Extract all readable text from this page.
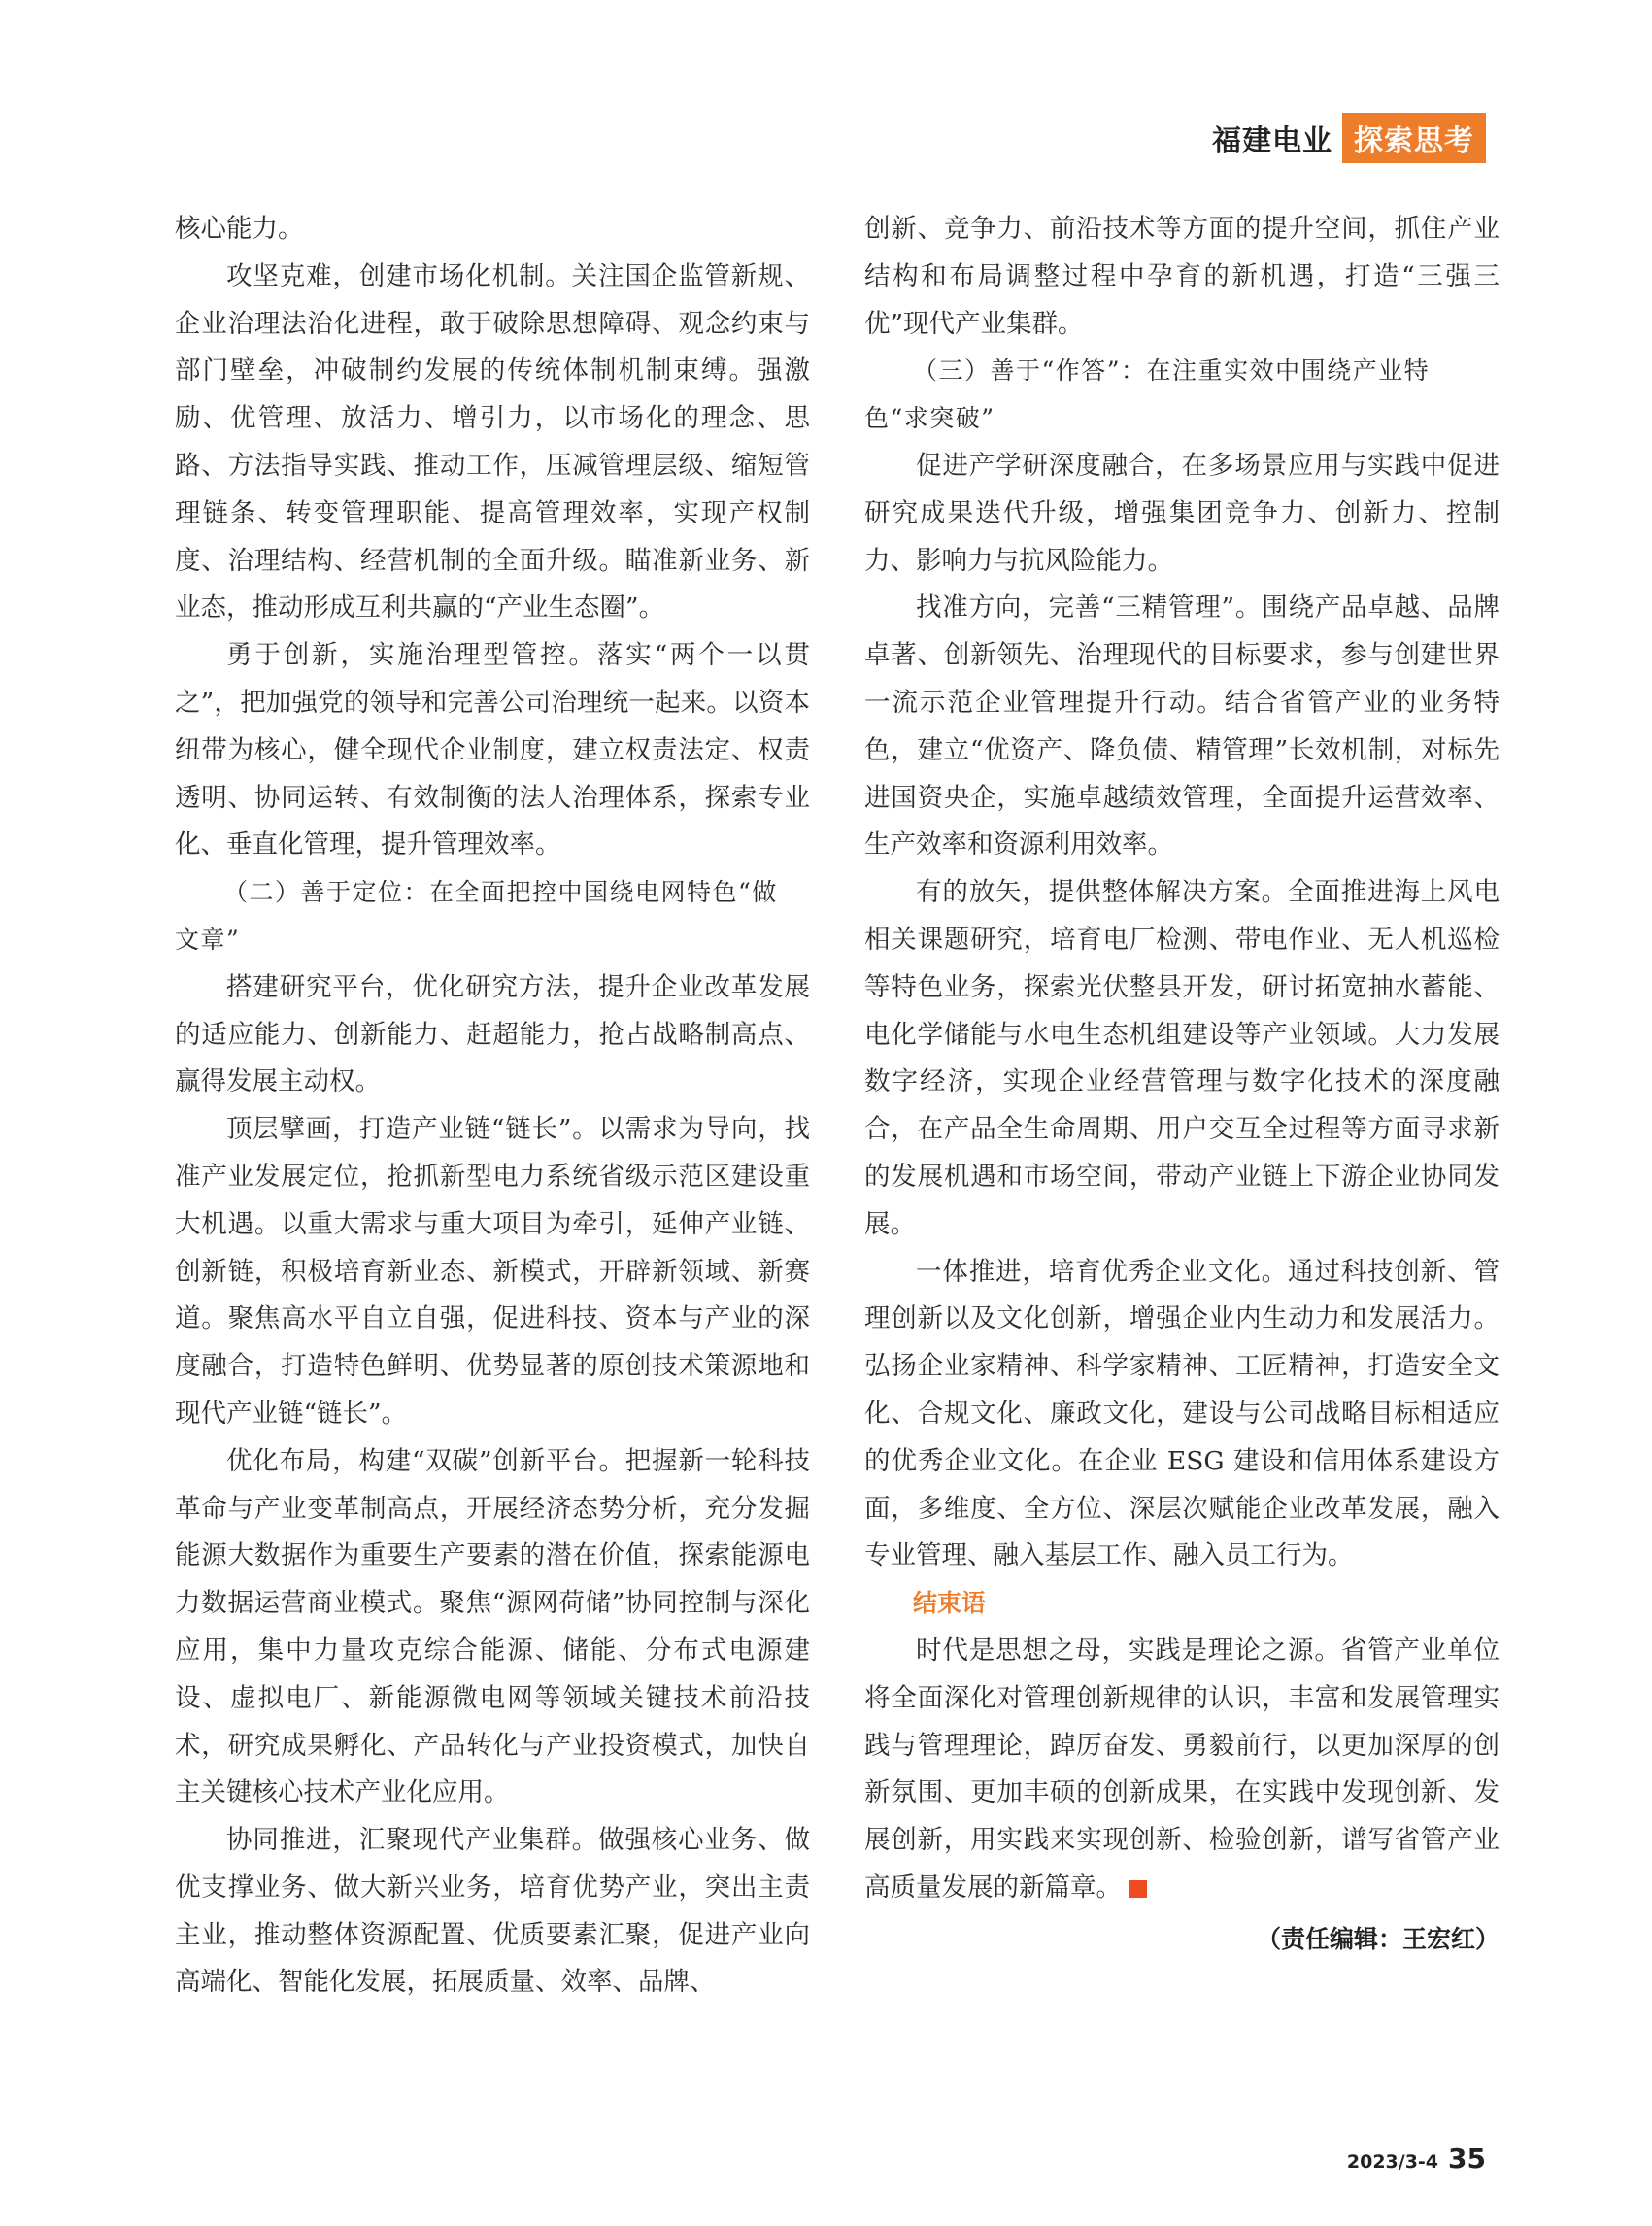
福建电业 探索思考

核心能力。

攻坚克难，创建市场化机制。关注国企监管新规、企业治理法治化进程，敢于破除思想障碍、观念约束与部门壁垒，冲破制约发展的传统体制机制束缚。强激励、优管理、放活力、增引力，以市场化的理念、思路、方法指导实践、推动工作，压减管理层级、缩短管理链条、转变管理职能、提高管理效率，实现产权制度、治理结构、经营机制的全面升级。瞄准新业务、新业态，推动形成互利共赢的“产业生态圈”。

勇于创新，实施治理型管控。落实“两个一以贯之”，把加强党的领导和完善公司治理统一起来。以资本纽带为核心，健全现代企业制度，建立权责法定、权责透明、协同运转、有效制衡的法人治理体系，探索专业化、垂直化管理，提升管理效率。

（二）善于定位：在全面把控中国绕电网特色“做

文章”

搭建研究平台，优化研究方法，提升企业改革发展的适应能力、创新能力、赶超能力，抢占战略制高点、赢得发展主动权。

顶层擘画，打造产业链“链长”。以需求为导向，找准产业发展定位，抢抓新型电力系统省级示范区建设重大机遇。以重大需求与重大项目为牵引，延伸产业链、创新链，积极培育新业态、新模式，开辟新领域、新赛道。聚焦高水平自立自强，促进科技、资本与产业的深度融合，打造特色鲜明、优势显著的原创技术策源地和现代产业链“链长”。

优化布局，构建“双碳”创新平台。把握新一轮科技革命与产业变革制高点，开展经济态势分析，充分发掘能源大数据作为重要生产要素的潜在价值，探索能源电力数据运营商业模式。聚焦“源网荷储”协同控制与深化应用，集中力量攻克综合能源、储能、分布式电源建设、虚拟电厂、新能源微电网等领域关键技术前沿技术，研究成果孵化、产品转化与产业投资模式，加快自主关键核心技术产业化应用。

协同推进，汇聚现代产业集群。做强核心业务、做优支撑业务、做大新兴业务，培育优势产业，突出主责主业，推动整体资源配置、优质要素汇聚，促进产业向高端化、智能化发展，拓展质量、效率、品牌、

创新、竞争力、前沿技术等方面的提升空间，抓住产业结构和布局调整过程中孕育的新机遇，打造“三强三优”现代产业集群。

（三）善于“作答”：在注重实效中围绕产业特

色“求突破”

促进产学研深度融合，在多场景应用与实践中促进研究成果迭代升级，增强集团竞争力、创新力、控制力、影响力与抗风险能力。

找准方向，完善“三精管理”。围绕产品卓越、品牌卓著、创新领先、治理现代的目标要求，参与创建世界一流示范企业管理提升行动。结合省管产业的业务特色，建立“优资产、降负债、精管理”长效机制，对标先进国资央企，实施卓越绩效管理，全面提升运营效率、生产效率和资源利用效率。

有的放矢，提供整体解决方案。全面推进海上风电相关课题研究，培育电厂检测、带电作业、无人机巡检等特色业务，探索光伏整县开发，研讨拓宽抽水蓄能、电化学储能与水电生态机组建设等产业领域。大力发展数字经济，实现企业经营管理与数字化技术的深度融合，在产品全生命周期、用户交互全过程等方面寻求新的发展机遇和市场空间，带动产业链上下游企业协同发展。

一体推进，培育优秀企业文化。通过科技创新、管理创新以及文化创新，增强企业内生动力和发展活力。弘扬企业家精神、科学家精神、工匠精神，打造安全文化、合规文化、廉政文化，建设与公司战略目标相适应的优秀企业文化。在企业 ESG 建设和信用体系建设方面，多维度、全方位、深层次赋能企业改革发展，融入专业管理、融入基层工作、融入员工行为。

结束语

时代是思想之母，实践是理论之源。省管产业单位将全面深化对管理创新规律的认识，丰富和发展管理实践与管理理论，踔厉奋发、勇毅前行，以更加深厚的创新氛围、更加丰硕的创新成果，在实践中发现创新、发展创新，用实践来实现创新、检验创新，谱写省管产业高质量发展的新篇章。

（责任编辑：王宏红）

2023/3-4 35
